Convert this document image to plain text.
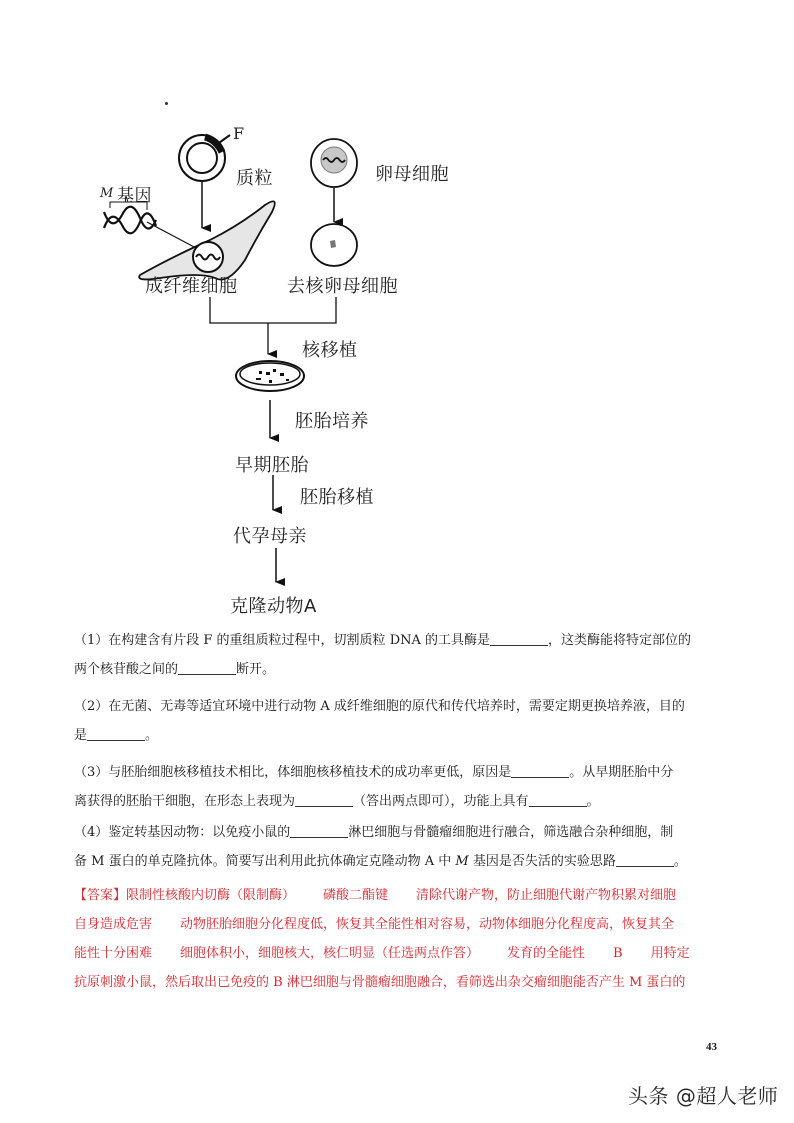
F
质粒
M 基因
成纤维细胞
卵母细胞
去核卵母细胞
核移植
胚胎培养
早期胚胎
胚胎移植
代孕母亲
克隆动物A
（1）在构建含有片段 F 的重组质粒过程中，切割质粒 DNA 的工具酶是	，这类酶能将特定部位的
两个核苷酸之间的	断开。
（2）在无菌、无毒等适宜环境中进行动物 A 成纤维细胞的原代和传代培养时，需要定期更换培养液，目的
是	。
（3）与胚胎细胞核移植技术相比，体细胞核移植技术的成功率更低，原因是	。从早期胚胎中分
离获得的胚胎干细胞，在形态上表现为	（答出两点即可），功能上具有	。
（4）鉴定转基因动物：以免疫小鼠的	淋巴细胞与骨髓瘤细胞进行融合，筛选融合杂种细胞，制
备 M 蛋白的单克隆抗体。简要写出利用此抗体确定克隆动物 A 中 M 基因是否失活的实验思路	。
【答案】限制性核酸内切酶（限制酶） 磷酸二酯键 清除代谢产物，防止细胞代谢产物积累对细胞
自身造成危害 动物胚胎细胞分化程度低，恢复其全能性相对容易，动物体细胞分化程度高，恢复其全
能性十分困难 细胞体积小，细胞核大，核仁明显（任选两点作答） 发育的全能性 B 用特定
抗原刺激小鼠，然后取出已免疫的 B 淋巴细胞与骨髓瘤细胞融合，看筛选出杂交瘤细胞能否产生 M 蛋白的
43
头条 @超人老师
